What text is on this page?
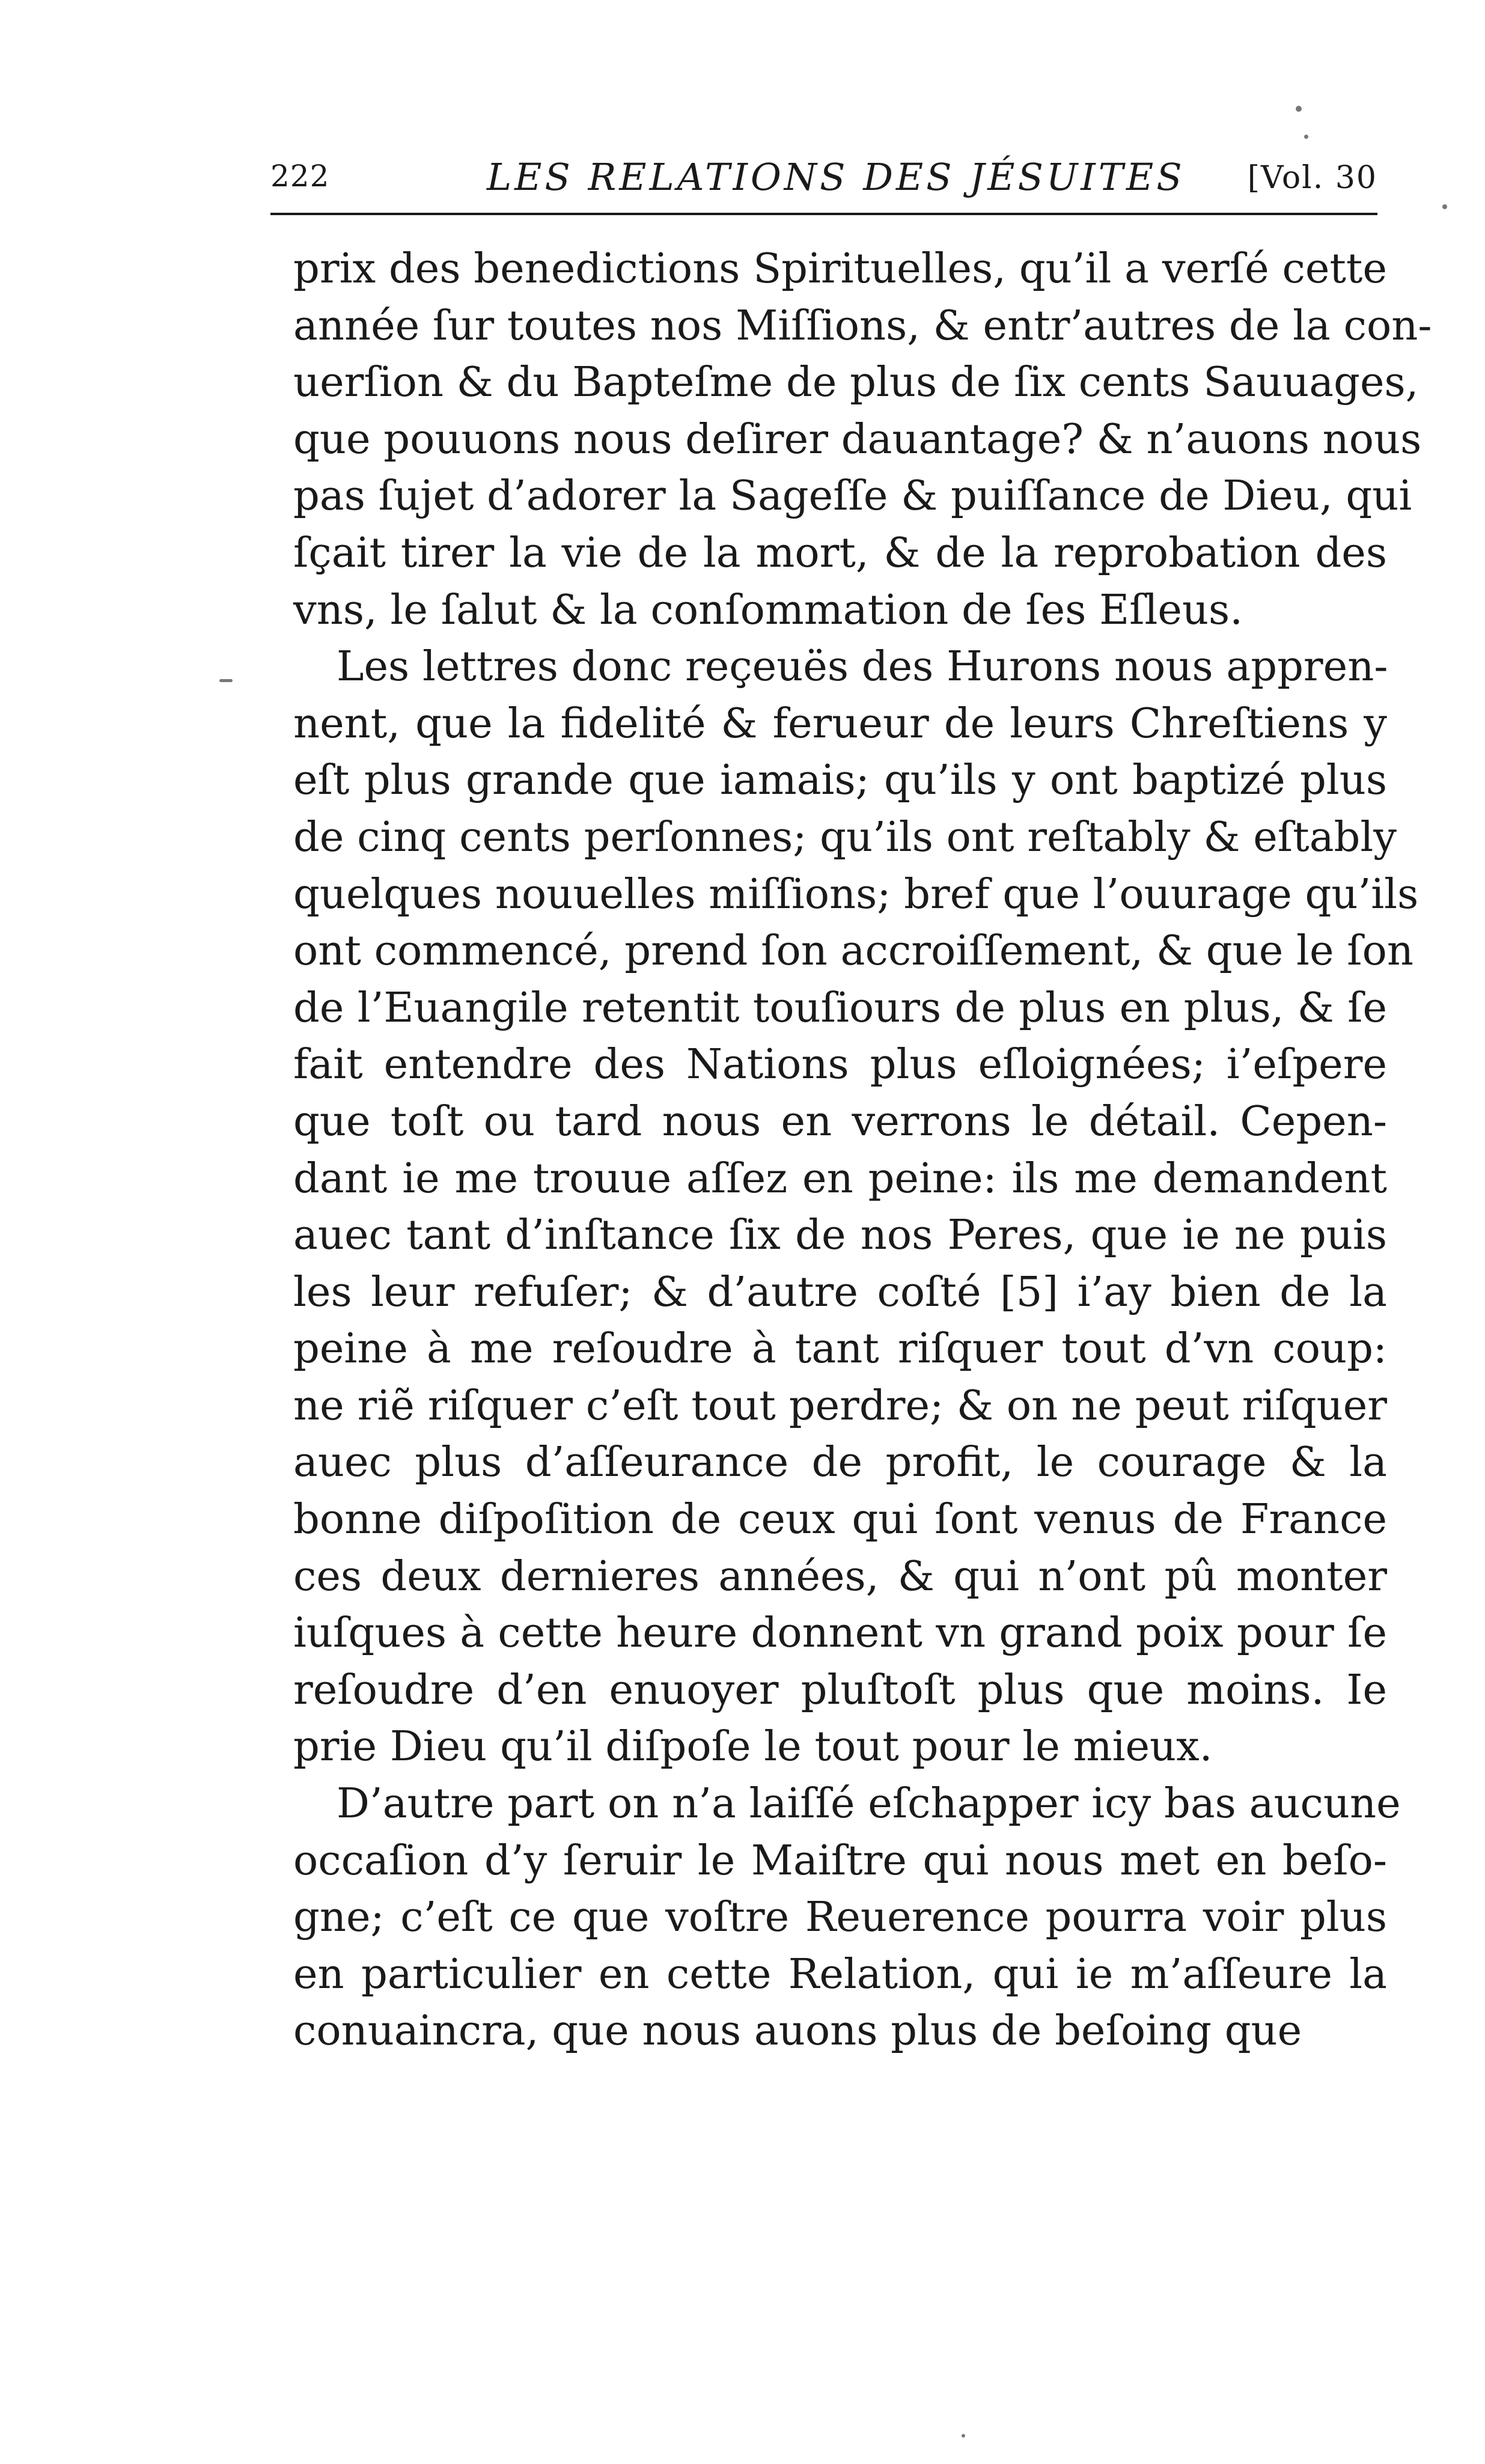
222	LES RELATIONS DES JÉSUITES [Vol. 30
prix des benedictions Spirituelles, qu’il a verſé cette
année ſur toutes nos Miſſions, & entr’autres de la con-
uerſion & du Bapteſme de plus de ſix cents Sauuages,
que pouuons nous deſirer dauantage? & n’auons nous
pas ſujet d’adorer la Sageſſe & puiſſance de Dieu, qui
ſçait tirer la vie de la mort, & de la reprobation des
vns, le ſalut & la conſommation de ſes Eſleus.
Les lettres donc reçeuës des Hurons nous appren-
nent, que la fidelité & ferueur de leurs Chreſtiens y
eſt plus grande que iamais; qu’ils y ont baptizé plus
de cinq cents perſonnes; qu’ils ont reſtably & eſtably
quelques nouuelles miſſions; bref que l’ouurage qu’ils
ont commencé, prend ſon accroiſſement, & que le ſon
de l’Euangile retentit touſiours de plus en plus, & ſe
fait entendre des Nations plus eſloignées; i’eſpere
que toſt ou tard nous en verrons le détail. Cepen-
dant ie me trouue aſſez en peine: ils me demandent
auec tant d’inſtance ſix de nos Peres, que ie ne puis
les leur refuſer; & d’autre coſté [5] i’ay bien de la
peine à me reſoudre à tant riſquer tout d’vn coup:
ne riẽ riſquer c’eſt tout perdre; & on ne peut riſquer
auec plus d’aſſeurance de profit, le courage & la
bonne diſpoſition de ceux qui ſont venus de France
ces deux dernieres années, & qui n’ont pû monter
iuſques à cette heure donnent vn grand poix pour ſe
reſoudre d’en enuoyer pluſtoſt plus que moins. Ie
prie Dieu qu’il diſpoſe le tout pour le mieux.
D’autre part on n’a laiſſé eſchapper icy bas aucune
occaſion d’y ſeruir le Maiſtre qui nous met en beſo-
gne; c’eſt ce que voſtre Reuerence pourra voir plus
en particulier en cette Relation, qui ie m’aſſeure la
conuaincra, que nous auons plus de beſoing que
